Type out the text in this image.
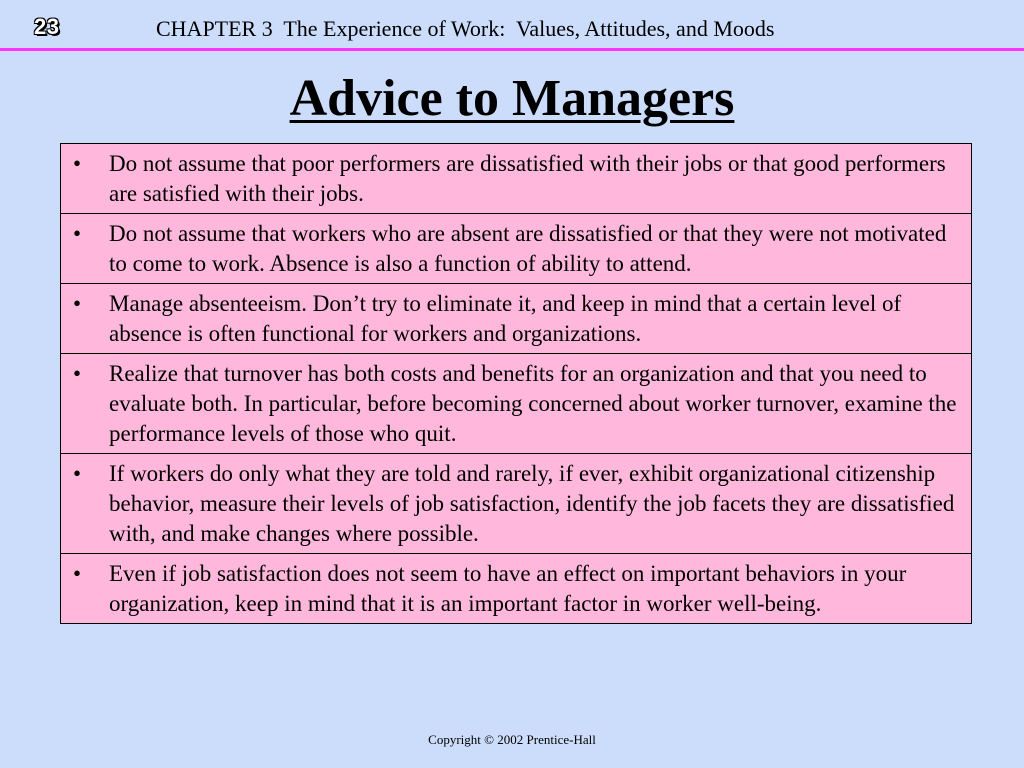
23	CHAPTER 3  The Experience of Work:  Values, Attitudes, and Moods
Advice to Managers
•	Do not assume that poor performers are dissatisfied with their jobs or that good performers are satisfied with their jobs.
•	Do not assume that workers who are absent are dissatisfied or that they were not motivated to come to work. Absence is also a function of ability to attend.
•	Manage absenteeism. Don’t try to eliminate it, and keep in mind that a certain level of absence is often functional for workers and organizations.
•	Realize that turnover has both costs and benefits for an organization and that you need to evaluate both. In particular, before becoming concerned about worker turnover, examine the performance levels of those who quit.
•	If workers do only what they are told and rarely, if ever, exhibit organizational citizenship behavior, measure their levels of job satisfaction, identify the job facets they are dissatisfied with, and make changes where possible.
•	Even if job satisfaction does not seem to have an effect on important behaviors in your organization, keep in mind that it is an important factor in worker well-being.
Copyright © 2002 Prentice-Hall
